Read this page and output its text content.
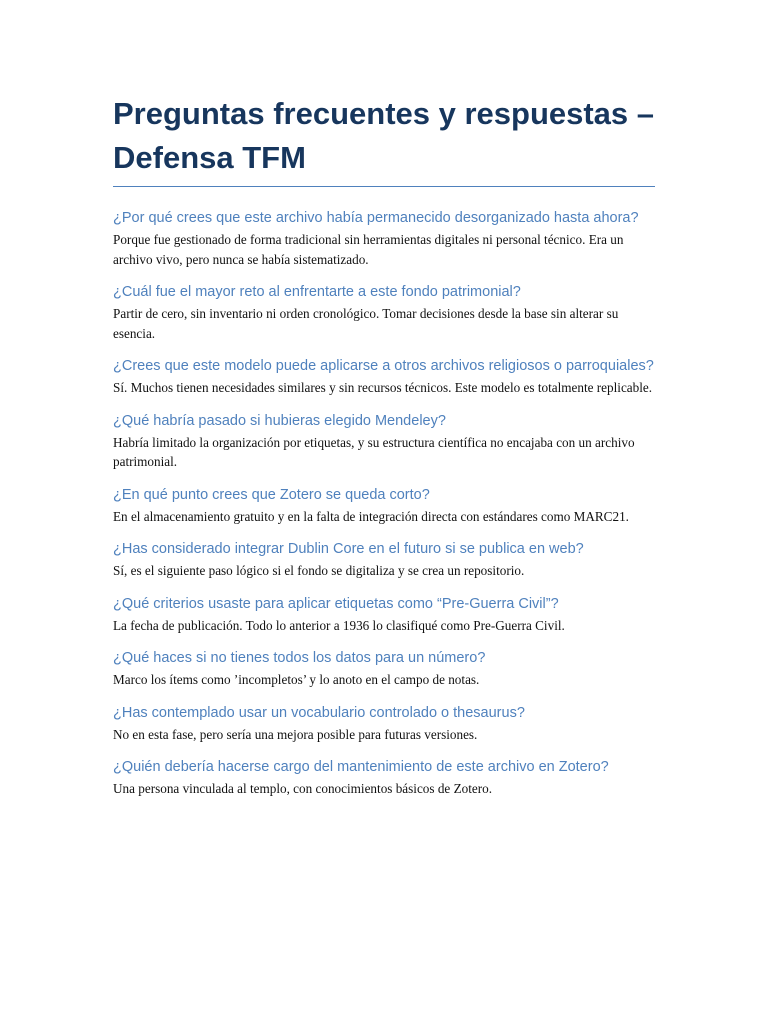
Preguntas frecuentes y respuestas – Defensa TFM

¿Por qué crees que este archivo había permanecido desorganizado hasta ahora?

Porque fue gestionado de forma tradicional sin herramientas digitales ni personal técnico. Era un archivo vivo, pero nunca se había sistematizado.

¿Cuál fue el mayor reto al enfrentarte a este fondo patrimonial?

Partir de cero, sin inventario ni orden cronológico. Tomar decisiones desde la base sin alterar su esencia.

¿Crees que este modelo puede aplicarse a otros archivos religiosos o parroquiales?

Sí. Muchos tienen necesidades similares y sin recursos técnicos. Este modelo es totalmente replicable.

¿Qué habría pasado si hubieras elegido Mendeley?

Habría limitado la organización por etiquetas, y su estructura científica no encajaba con un archivo patrimonial.

¿En qué punto crees que Zotero se queda corto?

En el almacenamiento gratuito y en la falta de integración directa con estándares como MARC21.

¿Has considerado integrar Dublin Core en el futuro si se publica en web?

Sí, es el siguiente paso lógico si el fondo se digitaliza y se crea un repositorio.

¿Qué criterios usaste para aplicar etiquetas como “Pre-Guerra Civil”?

La fecha de publicación. Todo lo anterior a 1936 lo clasifiqué como Pre-Guerra Civil.

¿Qué haces si no tienes todos los datos para un número?

Marco los ítems como ’incompletos’ y lo anoto en el campo de notas.

¿Has contemplado usar un vocabulario controlado o thesaurus?

No en esta fase, pero sería una mejora posible para futuras versiones.

¿Quién debería hacerse cargo del mantenimiento de este archivo en Zotero?

Una persona vinculada al templo, con conocimientos básicos de Zotero.
